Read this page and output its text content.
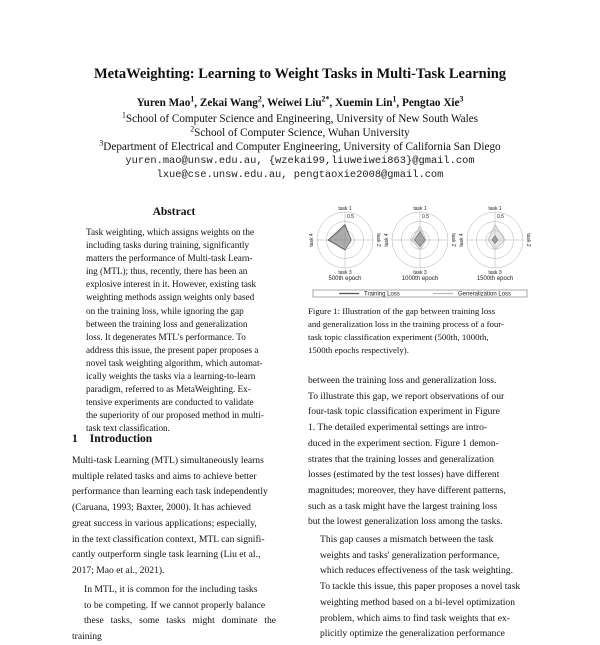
MetaWeighting: Learning to Weight Tasks in Multi-Task Learning
Yuren Mao$^1$, Zekai Wang$^2$, Weiwei Liu$^{2*}$, Xuemin Lin$^1$, Pengtao Xie$^3$
$^1$School of Computer Science and Engineering, University of New South Wales
$^2$School of Computer Science, Wuhan University
$^3$Department of Electrical and Computer Engineering, University of California San Diego
yuren.mao@unsw.edu.au, {wzekai99,liuweiwei863}@gmail.com
lxue@cse.unsw.edu.au, pengtaoxie2008@gmail.com
Abstract
Task weighting, which assigns weights on the
including tasks during training, significantly
matters the performance of Multi-task Learn-
ing (MTL); thus, recently, there has been an
explosive interest in it. However, existing task
weighting methods assign weights only based
on the training loss, while ignoring the gap
between the training loss and generalization
loss. It degenerates MTL's performance. To
address this issue, the present paper proposes a
novel task weighting algorithm, which automat-
ically weights the tasks via a learning-to-learn
paradigm, referred to as MetaWeighting. Ex-
tensive experiments are conducted to validate
the superiority of our proposed method in multi-
task text classification.
1 Introduction
Multi-task Learning (MTL) simultaneously learns
multiple related tasks and aims to achieve better
performance than learning each task independently
(Caruana, 1993; Baxter, 2000). It has achieved
great success in various applications; especially,
in the text classification context, MTL can signifi-
cantly outperform single task learning (Liu et al.,
2017; Mao et al., 2021).
In MTL, it is common for the including tasks
to be competing. If we cannot properly balance
these tasks, some tasks might dominate the training
task 1
task 2
task 3
task 4
0.5
500th epoch
task 1
task 2
task 3
task 4
0.5
1000th epoch
task 1
task 2
task 3
task 4
0.5
1500th epoch
Training Loss	Generalization Loss
Figure 1: Illustration of the gap between training loss
and generalization loss in the training process of a four-
task topic classification experiment (500th, 1000th,
1500th epochs respectively).
between the training loss and generalization loss.
To illustrate this gap, we report observations of our
four-task topic classification experiment in Figure
1. The detailed experimental settings are intro-
duced in the experiment section. Figure 1 demon-
strates that the training losses and generalization
losses (estimated by the test losses) have different
magnitudes; moreover, they have different patterns,
such as a task might have the largest training loss
but the lowest generalization loss among the tasks.
This gap causes a mismatch between the task
weights and tasks' generalization performance,
which reduces effectiveness of the task weighting.
To tackle this issue, this paper proposes a novel task
weighting method based on a bi-level optimization
problem, which aims to find task weights that ex-
plicitly optimize the generalization performance
